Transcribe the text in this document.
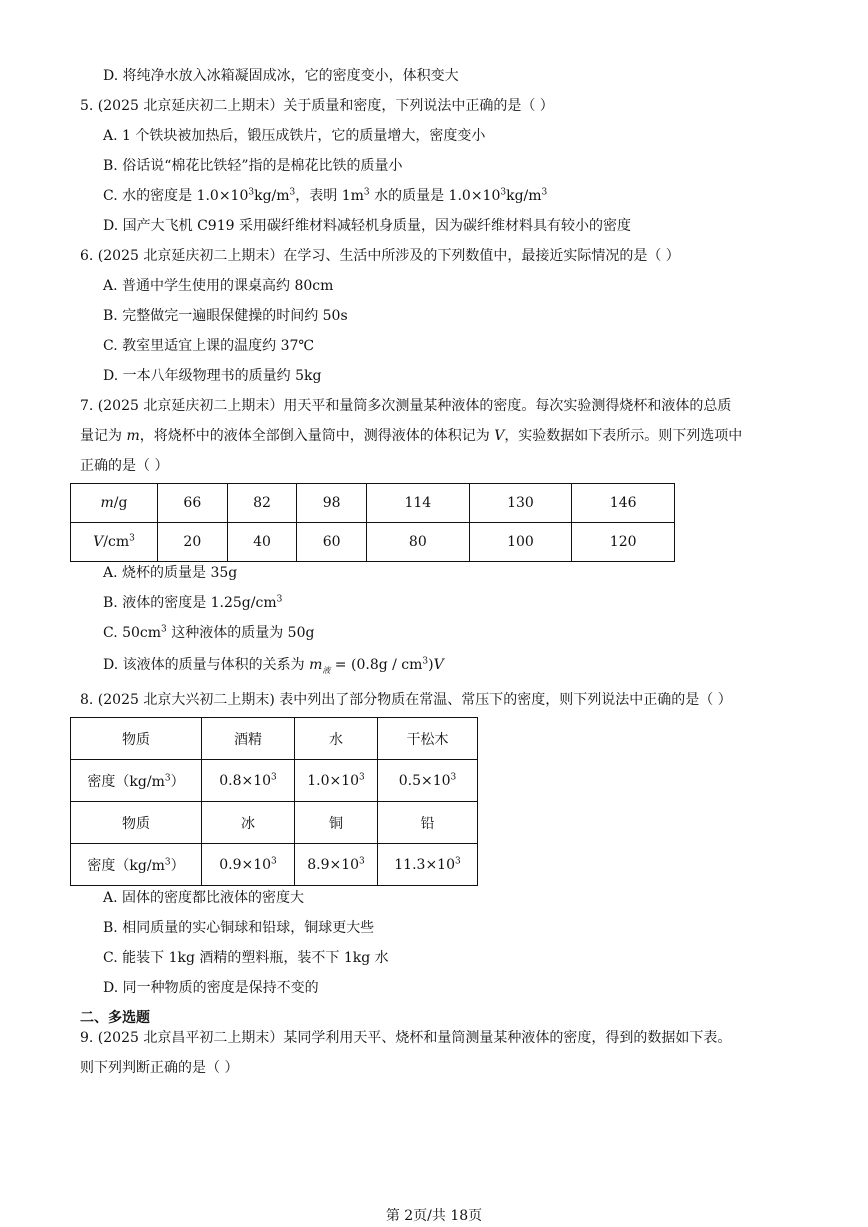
D. 将纯净水放入冰箱凝固成冰，它的密度变小，体积变大
5. (2025 北京延庆初二上期末）关于质量和密度，下列说法中正确的是（ ）
A. 1 个铁块被加热后，锻压成铁片，它的质量增大，密度变小
B. 俗话说“棉花比铁轻”指的是棉花比铁的质量小
C. 水的密度是 $1.0\times 10^3kg/m^3$，表明 $1m^3$ 水的质量是 $1.0\times 10^3kg/m^3$
D. 国产大飞机 C919 采用碳纤维材料减轻机身质量，因为碳纤维材料具有较小的密度
6. (2025 北京延庆初二上期末）在学习、生活中所涉及的下列数值中，最接近实际情况的是（ ）
A. 普通中学生使用的课桌高约 80cm
B. 完整做完一遍眼保健操的时间约 50s
C. 教室里适宜上课的温度约 37℃
D. 一本八年级物理书的质量约 5kg
7. (2025 北京延庆初二上期末）用天平和量筒多次测量某种液体的密度。每次实验测得烧杯和液体的总质
量记为 m，将烧杯中的液体全部倒入量筒中，测得液体的体积记为 V，实验数据如下表所示。则下列选项中
正确的是（ ）
m/g	66	82	98	114	130	146
$V/cm^3$	20	40	60	80	100	120
A. 烧杯的质量是 35g
B. 液体的密度是 $1.25g/cm^3$
C. $50cm^3$ 这种液体的质量为 50g
D. 该液体的质量与体积的关系为 $m_液 = (0.8g / cm^3)V$
8. (2025 北京大兴初二上期末) 表中列出了部分物质在常温、常压下的密度，则下列说法中正确的是（ ）
物质	酒精	水	干松木
密度$(kg/m^3)$	$0.8\times 10^3$	$1.0\times 10^3$	$0.5\times 10^3$
物质	冰	铜	铅
密度$(kg/m^3)$	$0.9\times 10^3$	$8.9\times 10^3$	$11.3\times 10^3$
A. 固体的密度都比液体的密度大
B. 相同质量的实心铜球和铅球，铜球更大些
C. 能装下 1kg 酒精的塑料瓶，装不下 1kg 水
D. 同一种物质的密度是保持不变的
二、多选题
9. (2025 北京昌平初二上期末）某同学利用天平、烧杯和量筒测量某种液体的密度，得到的数据如下表。
则下列判断正确的是（ ）
第 2页/共 18页
